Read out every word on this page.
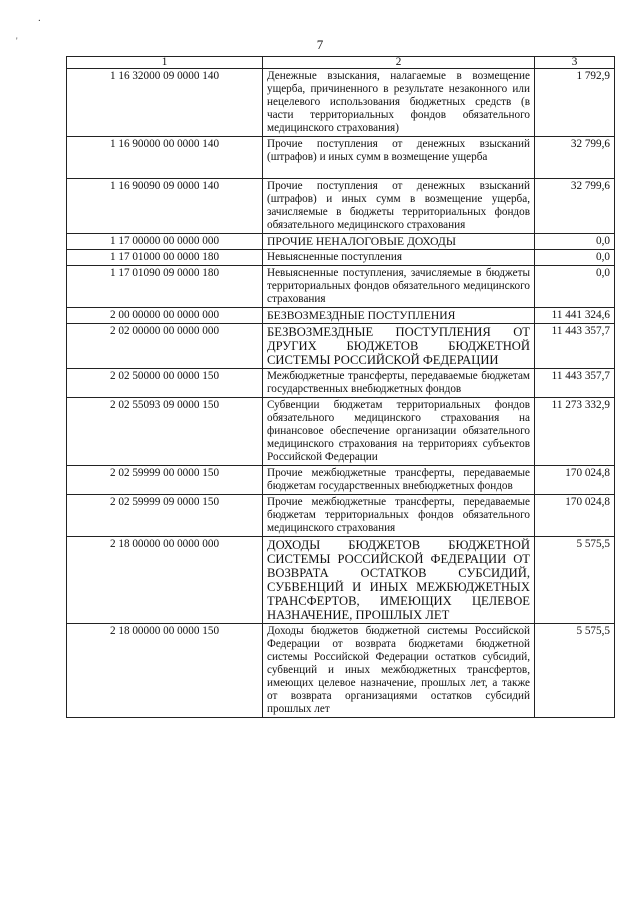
.
'	7
1	2	3
1 16 32000 09 0000 140	Денежные взыскания, налагаемые в возмещение ущерба, причиненного в результате незаконного или нецелевого использования бюджетных средств (в части территориальных фондов обязательного медицинского страхования)	1 792,9
1 16 90000 00 0000 140	Прочие поступления от денежных взысканий (штрафов) и иных сумм в возмещение ущерба	32 799,6
1 16 90090 09 0000 140	Прочие поступления от денежных взысканий (штрафов) и иных сумм в возмещение ущерба, зачисляемые в бюджеты территориальных фондов обязательного медицинского страхования	32 799,6
1 17 00000 00 0000 000	ПРОЧИЕ НЕНАЛОГОВЫЕ ДОХОДЫ	0,0
1 17 01000 00 0000 180	Невыясненные поступления	0,0
1 17 01090 09 0000 180	Невыясненные поступления, зачисляемые в бюджеты территориальных фондов обязательного медицинского страхования	0,0
2 00 00000 00 0000 000	БЕЗВОЗМЕЗДНЫЕ ПОСТУПЛЕНИЯ	11 441 324,6
2 02 00000 00 0000 000	БЕЗВОЗМЕЗДНЫЕ ПОСТУПЛЕНИЯ ОТ ДРУГИХ БЮДЖЕТОВ БЮДЖЕТНОЙ СИСТЕМЫ РОССИЙСКОЙ ФЕДЕРАЦИИ	11 443 357,7
2 02 50000 00 0000 150	Межбюджетные трансферты, передаваемые бюджетам государственных внебюджетных фондов	11 443 357,7
2 02 55093 09 0000 150	Субвенции бюджетам территориальных фондов обязательного медицинского страхования на финансовое обеспечение организации обязательного медицинского страхования на территориях субъектов Российской Федерации	11 273 332,9
2 02 59999 00 0000 150	Прочие межбюджетные трансферты, передаваемые бюджетам государственных внебюджетных фондов	170 024,8
2 02 59999 09 0000 150	Прочие межбюджетные трансферты, передаваемые бюджетам территориальных фондов обязательного медицинского страхования	170 024,8
2 18 00000 00 0000 000	ДОХОДЫ БЮДЖЕТОВ БЮДЖЕТНОЙ СИСТЕМЫ РОССИЙСКОЙ ФЕДЕРАЦИИ ОТ ВОЗВРАТА ОСТАТКОВ СУБСИДИЙ, СУБВЕНЦИЙ И ИНЫХ МЕЖБЮДЖЕТНЫХ ТРАНСФЕРТОВ, ИМЕЮЩИХ ЦЕЛЕВОЕ НАЗНАЧЕНИЕ, ПРОШЛЫХ ЛЕТ	5 575,5
2 18 00000 00 0000 150	Доходы бюджетов бюджетной системы Российской Федерации от возврата бюджетами бюджетной системы Российской Федерации остатков субсидий, субвенций и иных межбюджетных трансфертов, имеющих целевое назначение, прошлых лет, а также от возврата организациями остатков субсидий прошлых лет	5 575,5
